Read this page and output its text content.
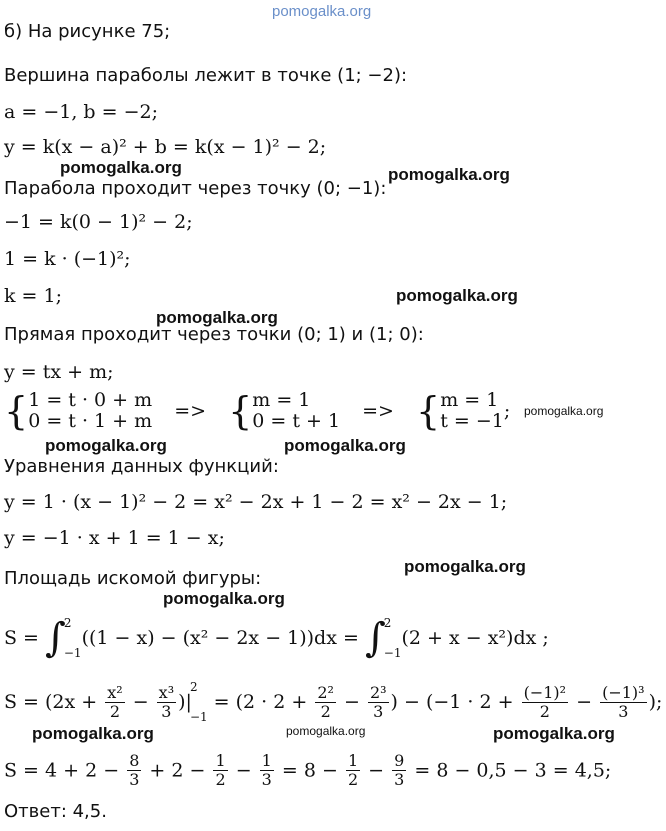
pomogalka.org
pomogalka.org	pomogalka.org
pomogalka.org
pomogalka.org
pomogalka.org
pomogalka.org	pomogalka.org
pomogalka.org
pomogalka.org
pomogalka.org	pomogalka.org	pomogalka.org
б) На рисунке 75;
Вершина параболы лежит в точке (1; −2):
a = −1, b = −2;
y = k(x − a)² + b = k(x − 1)² − 2;
Парабола проходит через точку (0; −1):
−1 = k(0 − 1)² − 2;
1 = k · (−1)²;
k = 1;
Прямая проходит через точки (0; 1) и (1; 0):
y = tx + m;
{ 1 = t · 0 + m
0 = t · 1 + m => { m = 1
0 = t + 1 => { m = 1
t = −1 ;
Уравнения данных функций:
y = 1 · (x − 1)² − 2 = x² − 2x + 1 − 2 = x² − 2x − 1;
y = −1 · x + 1 = 1 − x;
Площадь искомой фигуры:
S = ∫
2
−1
((1 − x) − (x² − 2x − 1))dx = ∫
2
−1
(2 + x − x²)dx ;
$S = (2x + \frac{\text{x²}}{2} - \frac{\text{x³}}{3}$ )|
2
−1
= ($2 \cdot 2 + \frac{\text{2²}}{2} - \frac{\text{2³}}{3}$ ) − ($-1 \cdot 2 + \frac{\text{(−1)²}}{2} - \frac{\text{(−1)³}}{3}$ );
$S = 4 + 2 - \frac{8}{3} + 2 - \frac{1}{2} - \frac{1}{3} = 8 - \frac{1}{2} - \frac{9}{3} = 8 - 0,5 - 3 = 4,5$;
Ответ: 4,5.
